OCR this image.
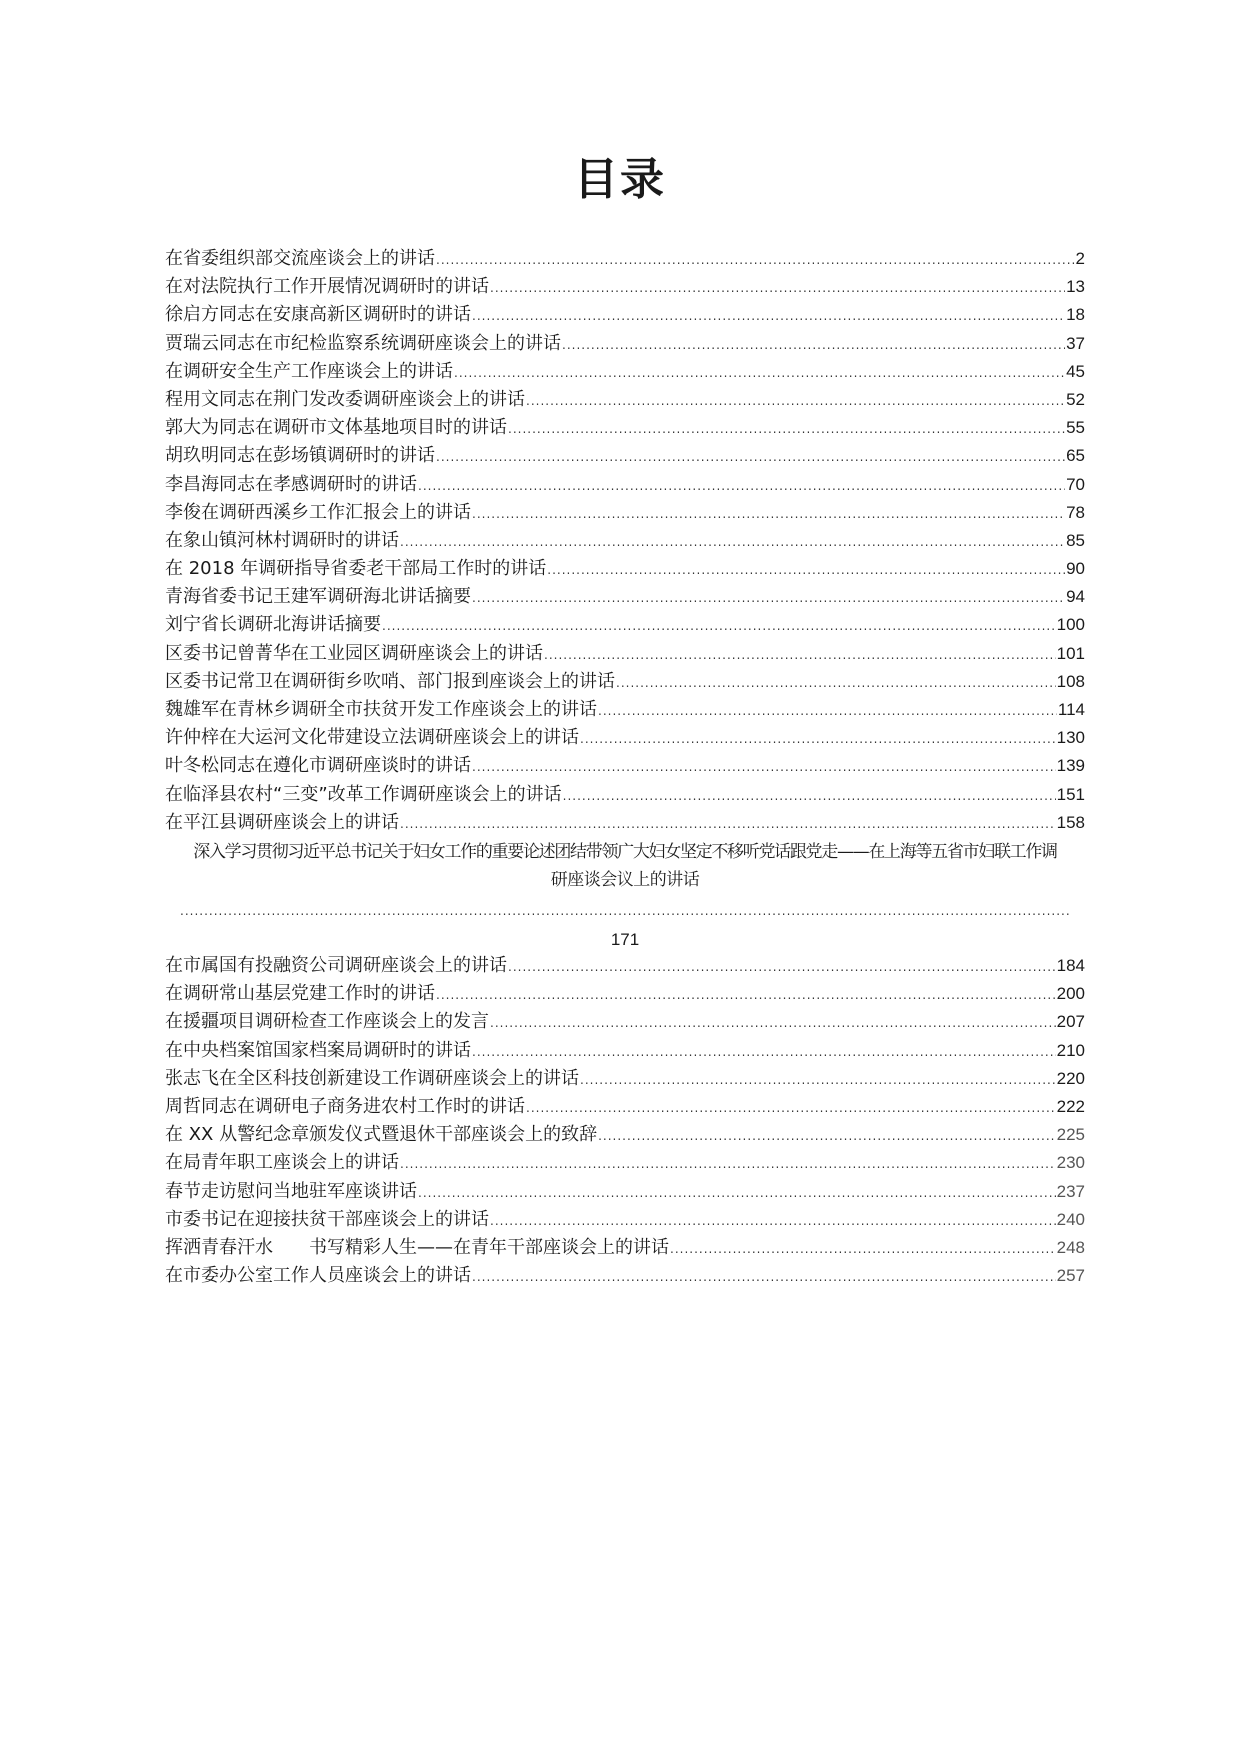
目录
在省委组织部交流座谈会上的讲话 .....	2
在对法院执行工作开展情况调研时的讲话 .....	13
徐启方同志在安康高新区调研时的讲话 .....	18
贾瑞云同志在市纪检监察系统调研座谈会上的讲话 .....	37
在调研安全生产工作座谈会上的讲话 .....	45
程用文同志在荆门发改委调研座谈会上的讲话 .....	52
郭大为同志在调研市文体基地项目时的讲话 .....	55
胡玖明同志在彭场镇调研时的讲话 .....	65
李昌海同志在孝感调研时的讲话 .....	70
李俊在调研西溪乡工作汇报会上的讲话 .....	78
在象山镇河林村调研时的讲话 .....	85
在 2018 年调研指导省委老干部局工作时的讲话 .....	90
青海省委书记王建军调研海北讲话摘要 .....	94
刘宁省长调研北海讲话摘要 .....	100
区委书记曾菁华在工业园区调研座谈会上的讲话 .....	101
区委书记常卫在调研街乡吹哨、部门报到座谈会上的讲话 .....	108
魏雄军在青林乡调研全市扶贫开发工作座谈会上的讲话 .....	114
许仲梓在大运河文化带建设立法调研座谈会上的讲话 .....	130
叶冬松同志在遵化市调研座谈时的讲话 .....	139
在临泽县农村“三变”改革工作调研座谈会上的讲话 .....	151
在平江县调研座谈会上的讲话 .....	158
深入学习贯彻习近平总书记关于妇女工作的重要论述团结带领广大妇女坚定不移听党话跟党走——在上海等五省市妇联工作调
研座谈会议上的讲话
.....
171
在市属国有投融资公司调研座谈会上的讲话 .....	184
在调研常山基层党建工作时的讲话 .....	200
在援疆项目调研检查工作座谈会上的发言 .....	207
在中央档案馆国家档案局调研时的讲话 .....	210
张志飞在全区科技创新建设工作调研座谈会上的讲话 .....	220
周哲同志在调研电子商务进农村工作时的讲话 .....	222
在 XX 从警纪念章颁发仪式暨退休干部座谈会上的致辞 .....	225
在局青年职工座谈会上的讲话 .....	230
春节走访慰问当地驻军座谈讲话 .....	237
市委书记在迎接扶贫干部座谈会上的讲话 .....	240
挥洒青春汗水　　书写精彩人生——在青年干部座谈会上的讲话 .....	248
在市委办公室工作人员座谈会上的讲话 .....	257
